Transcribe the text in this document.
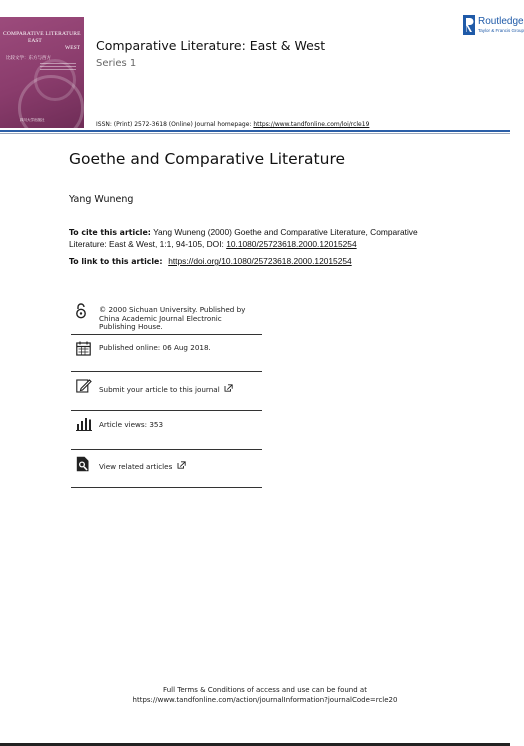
COMPARATIVE LITERATURE
EAST
WEST
比较文学：东方与西方
四川大学出版社
Comparative Literature: East & West
Series 1
ISSN: (Print) 2572-3618 (Online) Journal homepage: https://www.tandfonline.com/loi/rcle19
Routledge
Taylor & Francis Group
Goethe and Comparative Literature
Yang Wuneng
To cite this article: Yang Wuneng (2000) Goethe and Comparative Literature, Comparative Literature: East & West, 1:1, 94-105, DOI: 10.1080/25723618.2000.12015254
To link to this article: https://doi.org/10.1080/25723618.2000.12015254
© 2000 Sichuan University. Published by China Academic Journal Electronic Publishing House.
Published online: 06 Aug 2018.
Submit your article to this journal
Article views: 353
View related articles
Full Terms & Conditions of access and use can be found at
https://www.tandfonline.com/action/journalInformation?journalCode=rcle20
